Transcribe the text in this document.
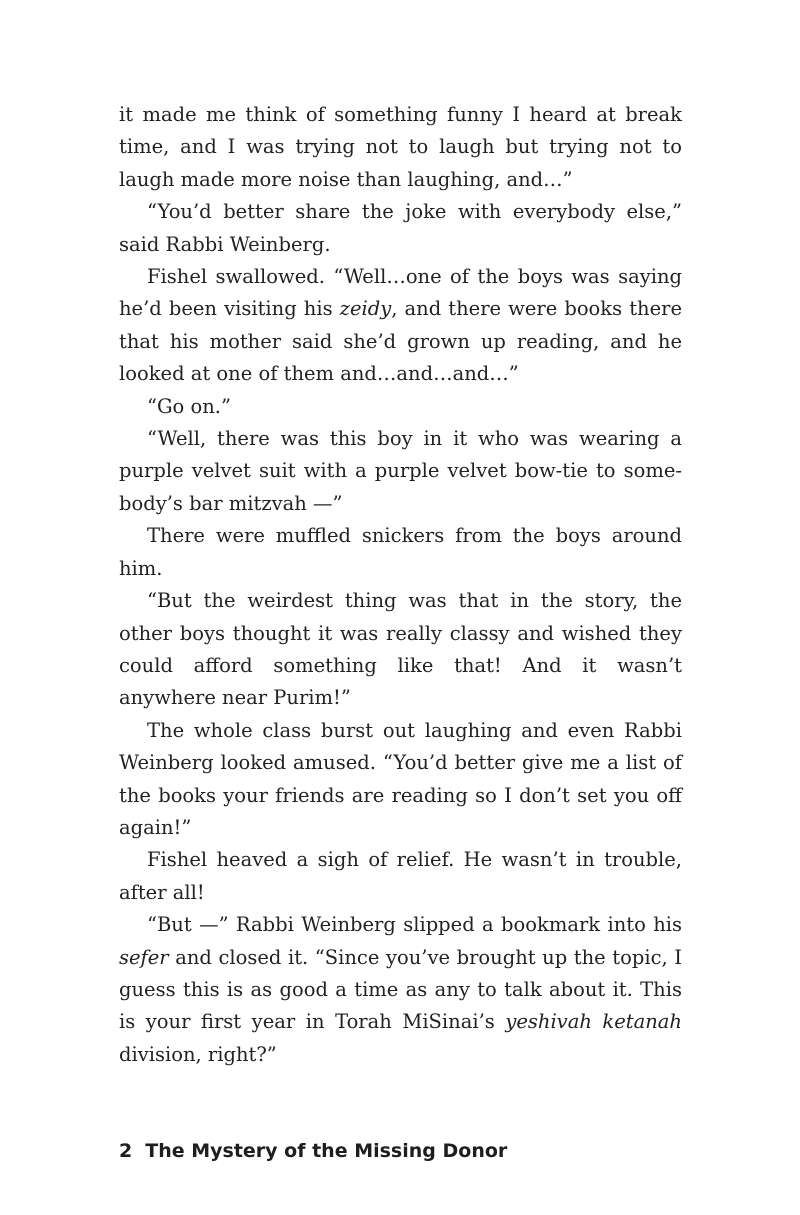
it made me think of something funny I heard at break time, and I was trying not to laugh but trying not to laugh made more noise than laughing, and…”

“You’d better share the joke with everybody else,” said Rabbi Weinberg.

Fishel swallowed. “Well…one of the boys was saying he’d been visiting his zeidy, and there were books there that his mother said she’d grown up reading, and he looked at one of them and…and…and…”

“Go on.”

“Well, there was this boy in it who was wearing a purple velvet suit with a purple velvet bow-tie to somebody’s bar mitzvah —”

There were muffled snickers from the boys around him.

“But the weirdest thing was that in the story, the other boys thought it was really classy and wished they could afford something like that! And it wasn’t anywhere near Purim!”

The whole class burst out laughing and even Rabbi Weinberg looked amused. “You’d better give me a list of the books your friends are reading so I don’t set you off again!”

Fishel heaved a sigh of relief. He wasn’t in trouble, after all!

“But —” Rabbi Weinberg slipped a bookmark into his sefer and closed it. “Since you’ve brought up the topic, I guess this is as good a time as any to talk about it. This is your first year in Torah MiSinai’s yeshivah ketanah division, right?”

2 The Mystery of the Missing Donor
